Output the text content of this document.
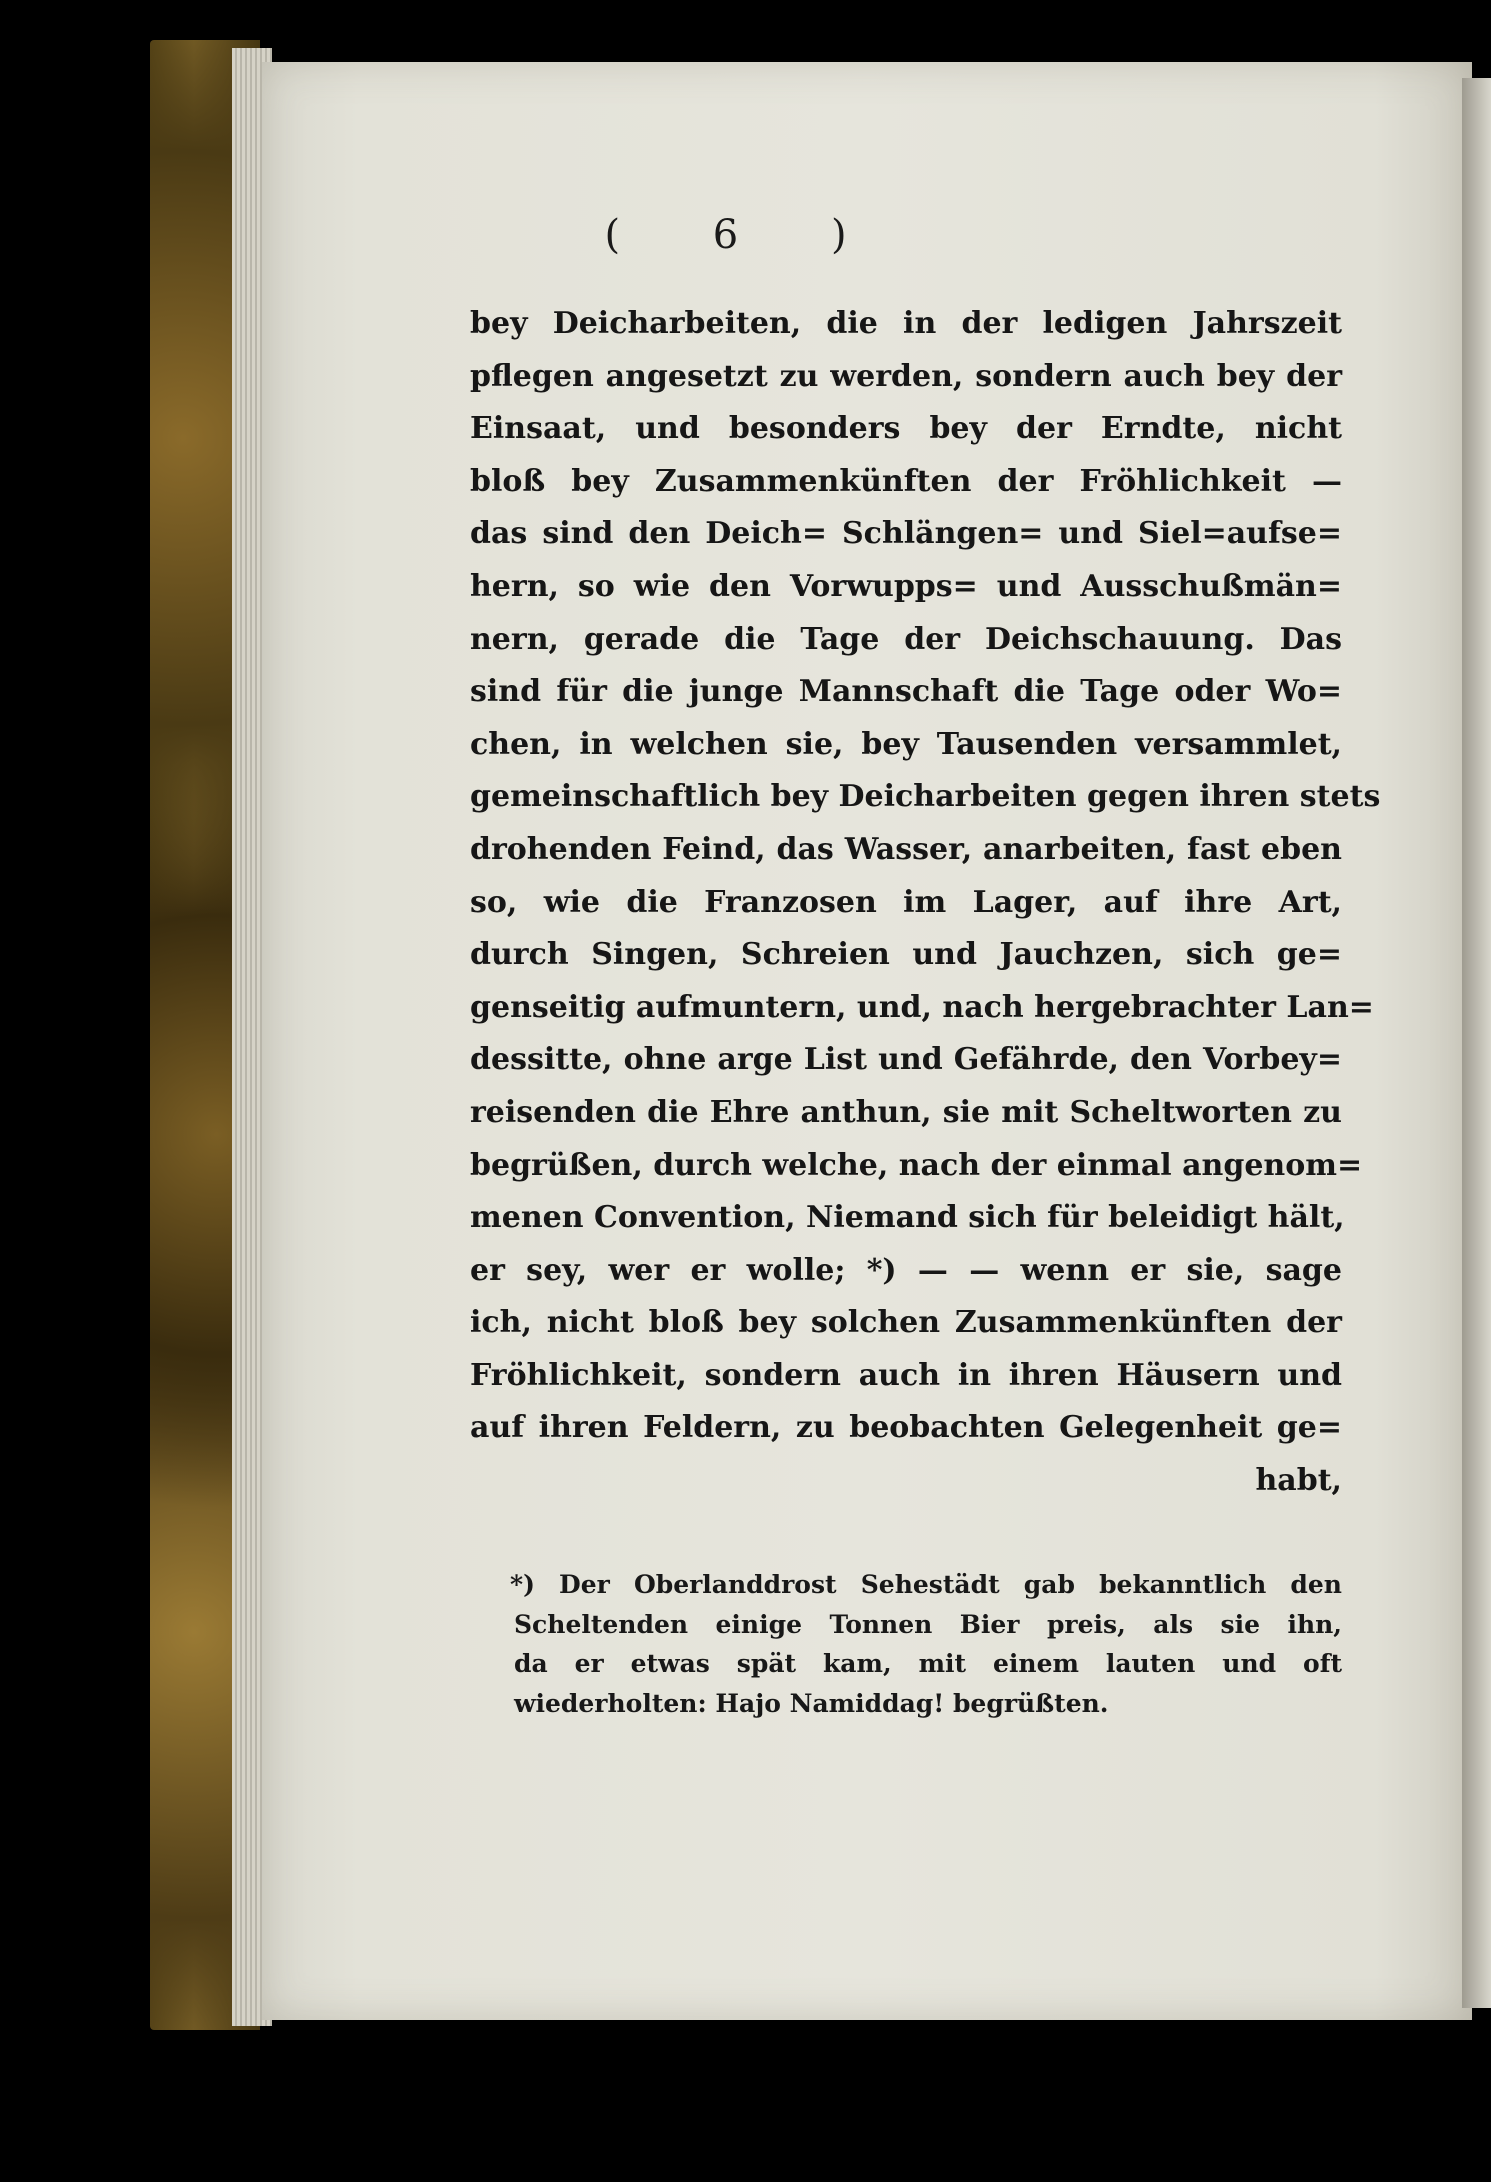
( 6 )
bey Deicharbeiten, die in der ledigen Jahrszeit
pflegen angesetzt zu werden, sondern auch bey der
Einsaat, und besonders bey der Erndte, nicht
bloß bey Zusammenkünften der Fröhlichkeit —
das sind den Deich= Schlängen= und Siel=aufse=
hern, so wie den Vorwupps= und Ausschußmän=
nern, gerade die Tage der Deichschauung. Das
sind für die junge Mannschaft die Tage oder Wo=
chen, in welchen sie, bey Tausenden versammlet,
gemeinschaftlich bey Deicharbeiten gegen ihren stets
drohenden Feind, das Wasser, anarbeiten, fast eben
so, wie die Franzosen im Lager, auf ihre Art,
durch Singen, Schreien und Jauchzen, sich ge=
genseitig aufmuntern, und, nach hergebrachter Lan=
dessitte, ohne arge List und Gefährde, den Vorbey=
reisenden die Ehre anthun, sie mit Scheltworten zu
begrüßen, durch welche, nach der einmal angenom=
menen Convention, Niemand sich für beleidigt hält,
er sey, wer er wolle; *) — — wenn er sie, sage
ich, nicht bloß bey solchen Zusammenkünften der
Fröhlichkeit, sondern auch in ihren Häusern und
auf ihren Feldern, zu beobachten Gelegenheit ge=
habt,
*) Der Oberlanddrost Sehestädt gab bekanntlich den
Scheltenden einige Tonnen Bier preis, als sie ihn,
da er etwas spät kam, mit einem lauten und oft
wiederholten: Hajo Namiddag! begrüßten.
